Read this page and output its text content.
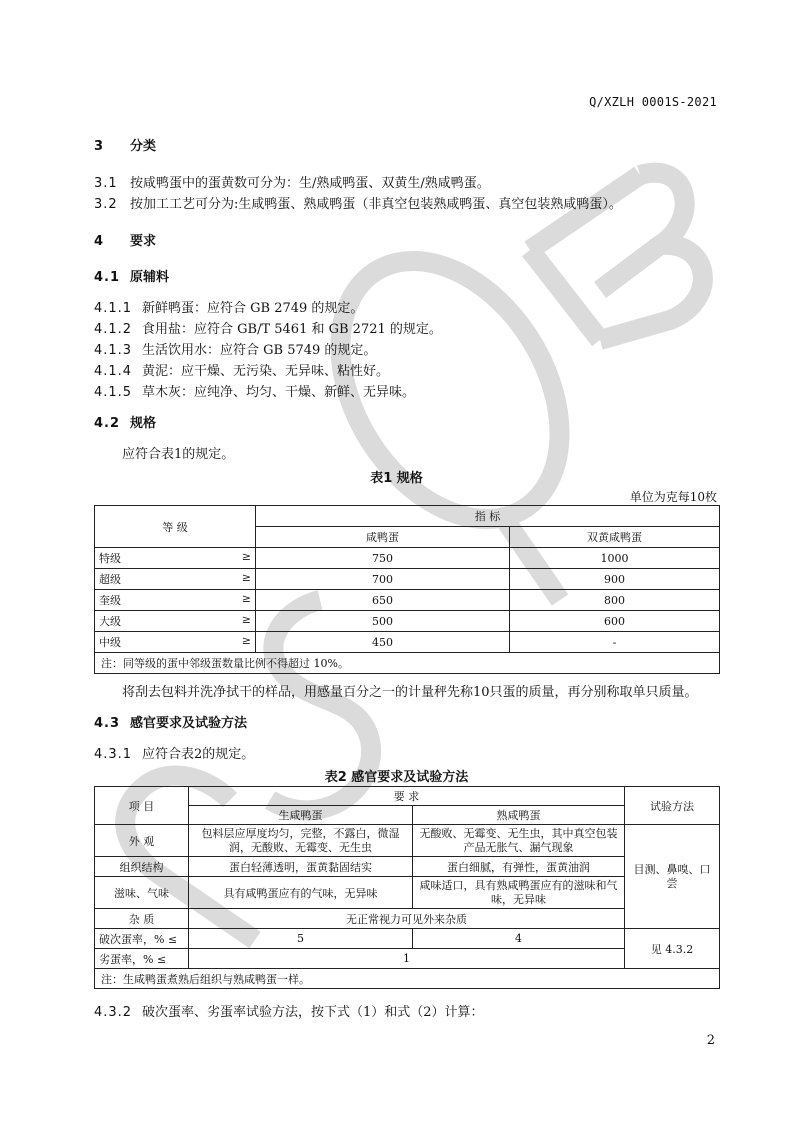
Q/XZLH 0001S-2021
3 分类
3.1 按咸鸭蛋中的蛋黄数可分为：生/熟咸鸭蛋、双黄生/熟咸鸭蛋。
3.2 按加工工艺可分为:生咸鸭蛋、熟咸鸭蛋（非真空包装熟咸鸭蛋、真空包装熟咸鸭蛋）。
4 要求
4.1 原辅料
4.1.1 新鲜鸭蛋：应符合 GB 2749 的规定。
4.1.2 食用盐：应符合 GB/T 5461 和 GB 2721 的规定。
4.1.3 生活饮用水：应符合 GB 5749 的规定。
4.1.4 黄泥：应干燥、无污染、无异味、粘性好。
4.1.5 草木灰：应纯净、均匀、干燥、新鲜、无异味。
4.2 规格
应符合表1的规定。
表1 规格
单位为克每10枚
等 级	指 标	
	咸鸭蛋	双黄咸鸭蛋
特级 ≥	750	1000
超级 ≥	700	900
奎级 ≥	650	800
大级 ≥	500	600
中级 ≥	450	-
注：同等级的蛋中邻级蛋数量比例不得超过 10%。		
将刮去包料并洗净拭干的样品，用感量百分之一的计量秤先称10只蛋的质量，再分别称取单只质量。
4.3 感官要求及试验方法
4.3.1 应符合表2的规定。
表2 感官要求及试验方法
项 目	要 求		试验方法
	生咸鸭蛋	熟咸鸭蛋	
外 观	包料层应厚度均匀，完整，不露白，微湿润，无酸败、无霉变、无生虫	无酸败、无霉变、无生虫，其中真空包装产品无胀气、漏气现象	目测、鼻嗅、口尝
组织结构	蛋白轻薄透明，蛋黄黏固结实	蛋白细腻，有弹性，蛋黄油润	
滋味、气味	具有咸鸭蛋应有的气味，无异味	咸味适口，具有熟咸鸭蛋应有的滋味和气味，无异味	
杂 质	无正常视力可见外来杂质		
破次蛋率，% ≤	5	4	见 4.3.2
劣蛋率，% ≤	1		
注：生咸鸭蛋煮熟后组织与熟咸鸭蛋一样。			
4.3.2 破次蛋率、劣蛋率试验方法，按下式（1）和式（2）计算：
2
